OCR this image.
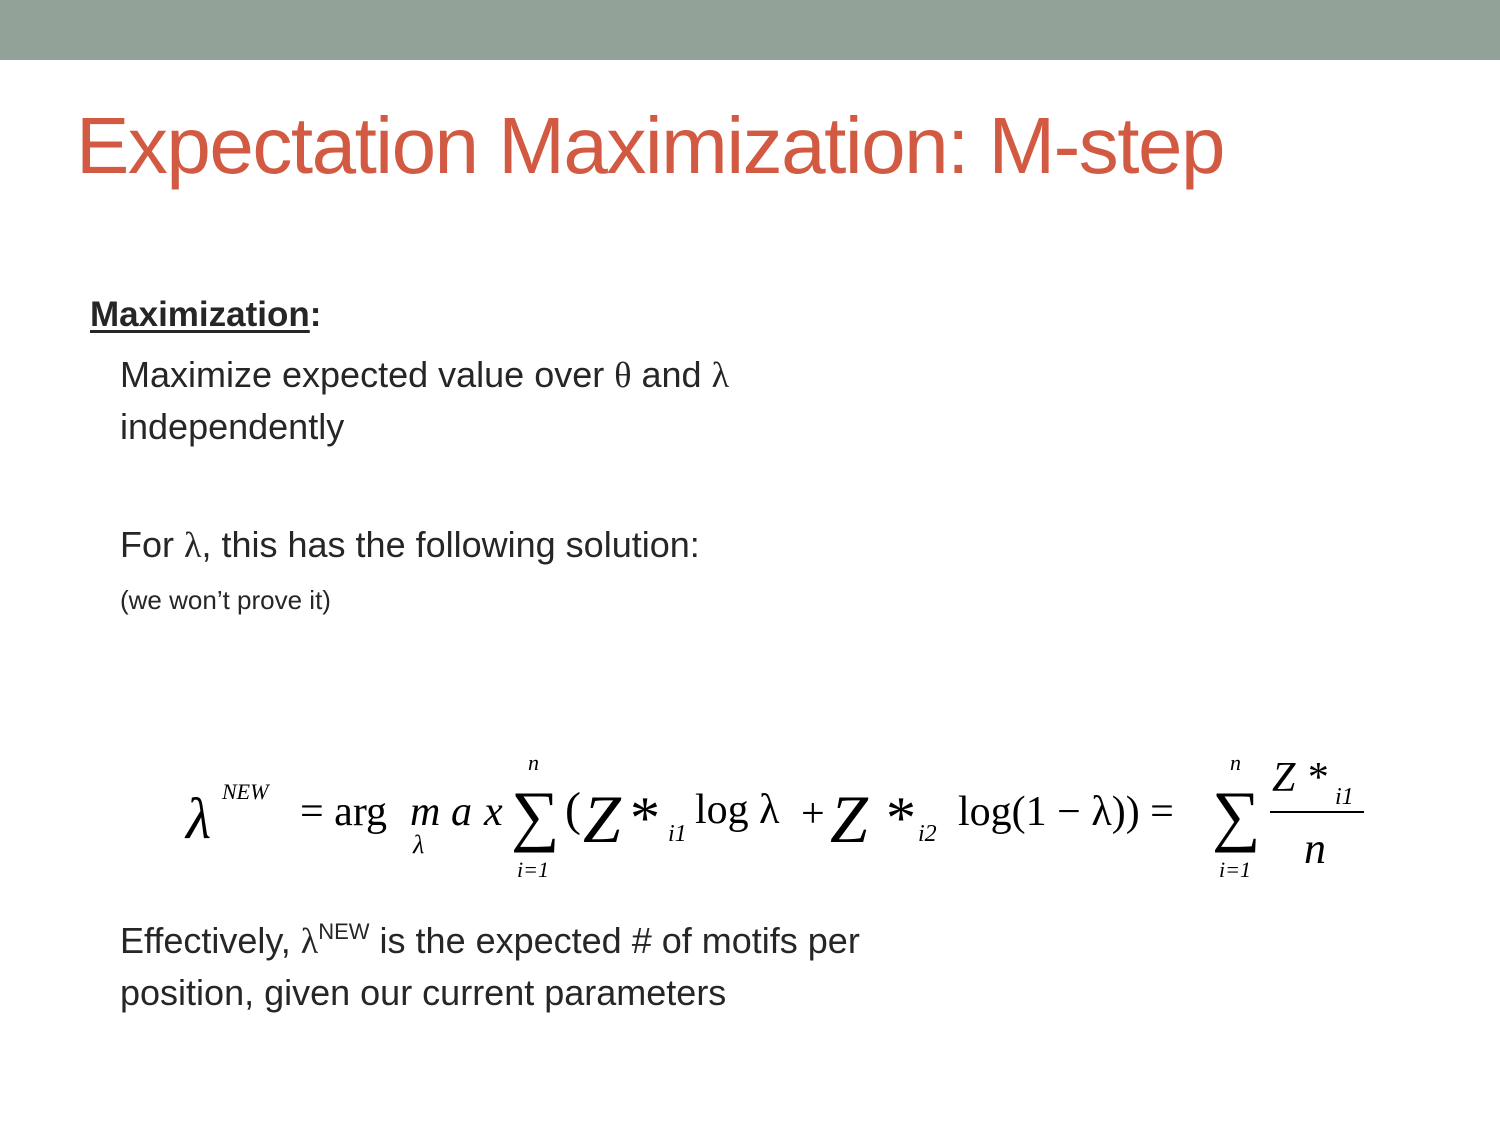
Expectation Maximization: M-step
Maximization:
Maximize expected value over θ and λ
independently
For λ, this has the following solution:
(we won’t prove it)
λ NEW = arg m a x
λ ∑
n
i=1
( Z * i1
log λ + Z * i2 log(1 − λ)) = ∑
n
i=1
Z * i1
n
Effectively, $\lambda^{NEW}$ is the expected # of motifs per
position, given our current parameters
